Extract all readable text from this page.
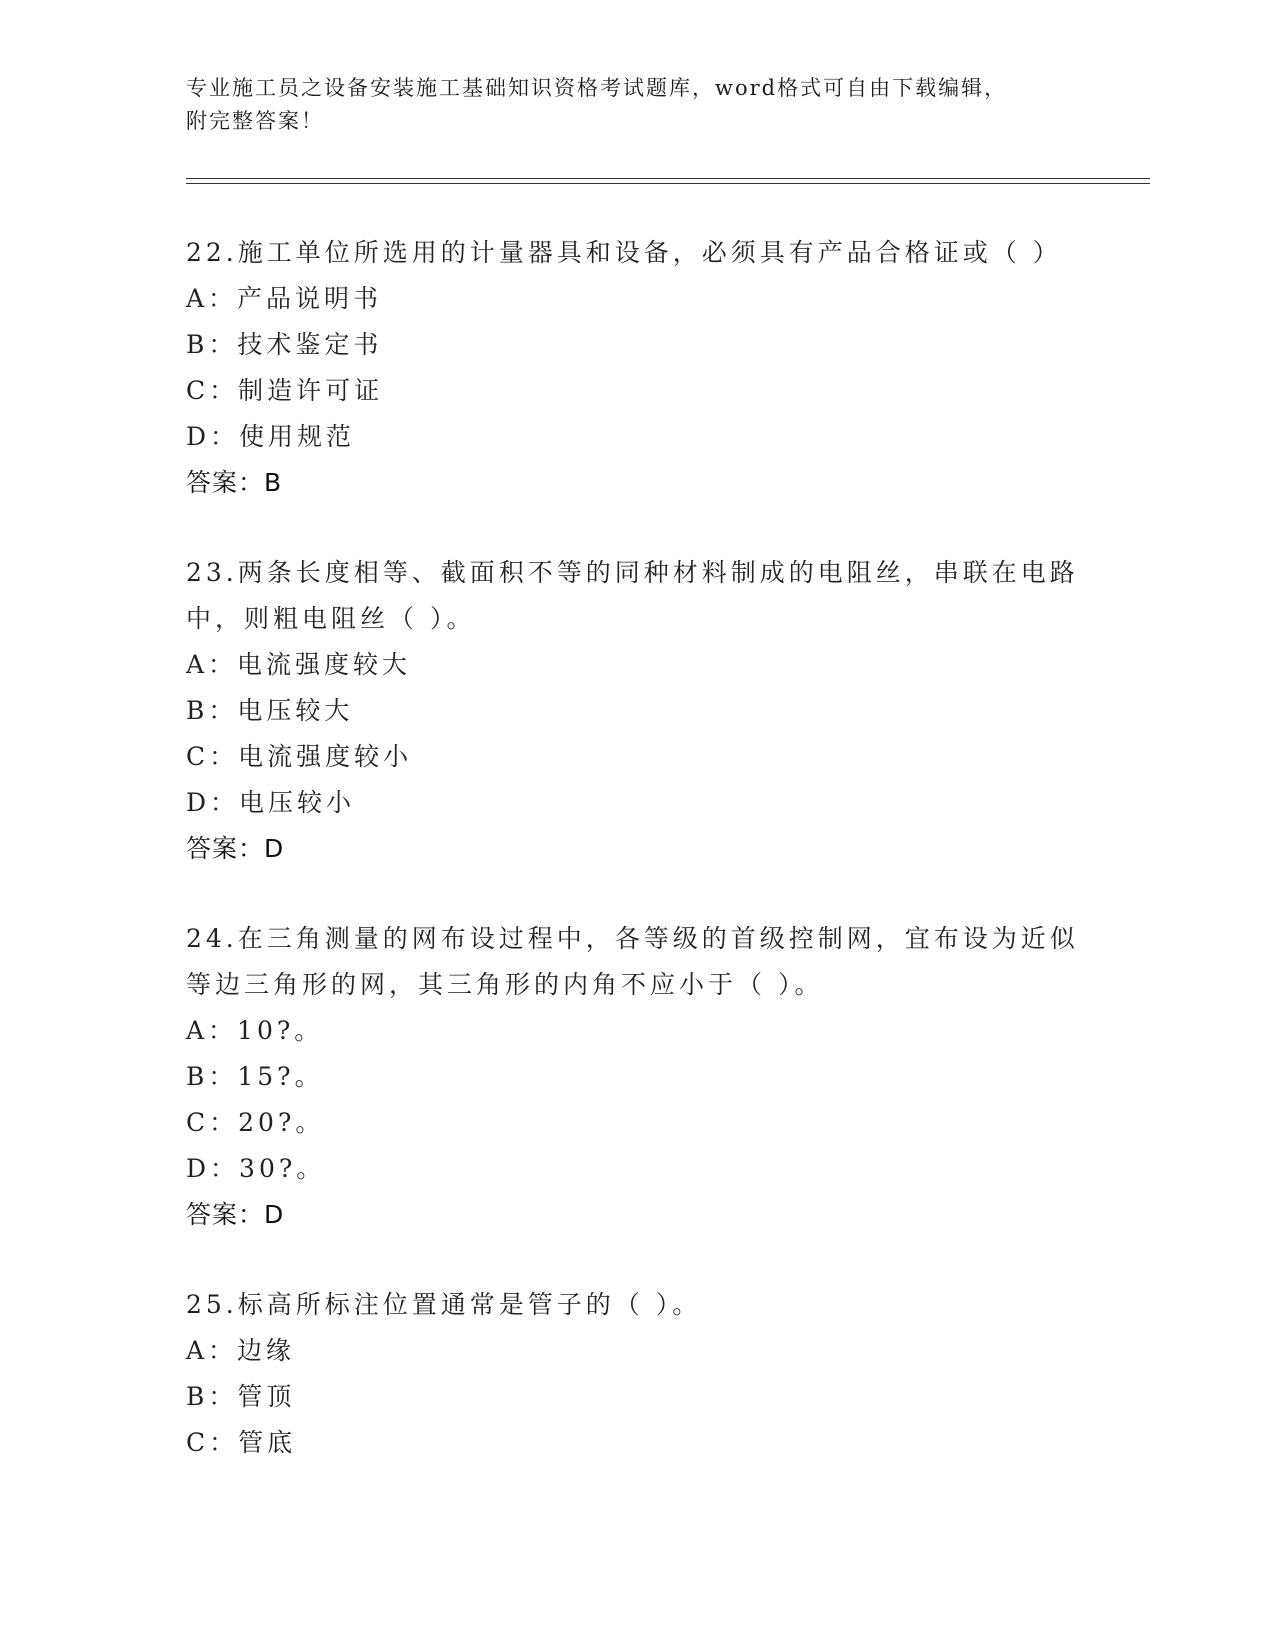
专业施工员之设备安装施工基础知识资格考试题库，word格式可自由下载编辑，
附完整答案！
22.施工单位所选用的计量器具和设备，必须具有产品合格证或（ ）
A：产品说明书
B：技术鉴定书
C：制造许可证
D：使用规范
答案：B
23.两条长度相等、截面积不等的同种材料制成的电阻丝，串联在电路
中，则粗电阻丝（ ）。
A：电流强度较大
B：电压较大
C：电流强度较小
D：电压较小
答案：D
24.在三角测量的网布设过程中，各等级的首级控制网，宜布设为近似
等边三角形的网，其三角形的内角不应小于（ ）。
A：10?。
B：15?。
C：20?。
D：30?。
答案：D
25.标高所标注位置通常是管子的（ ）。
A：边缘
B：管顶
C：管底
